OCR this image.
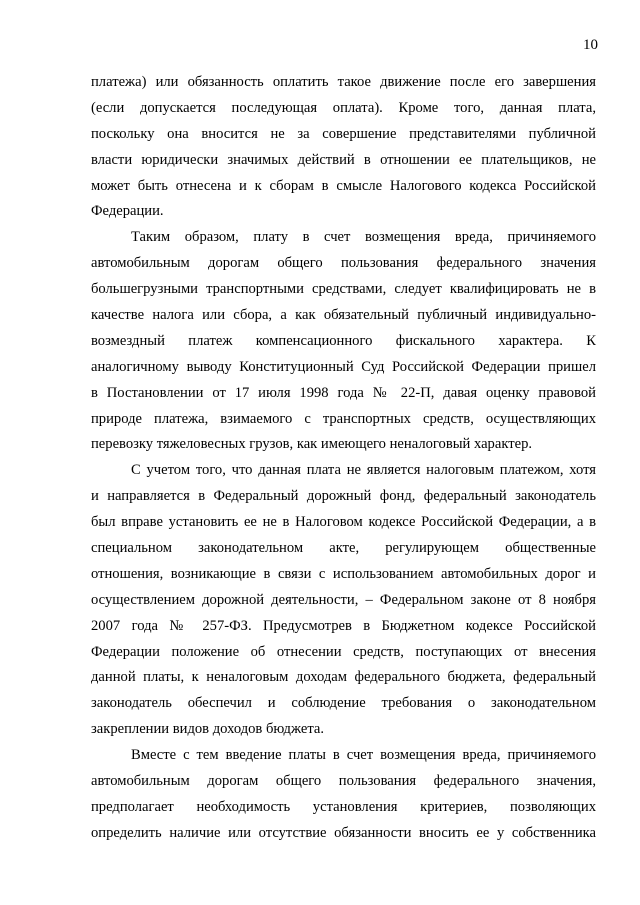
10
платежа) или обязанность оплатить такое движение после его завершения
(если допускается последующая оплата). Кроме того, данная плата,
поскольку она вносится не за совершение представителями публичной
власти юридически значимых действий в отношении ее плательщиков, не
может быть отнесена и к сборам в смысле Налогового кодекса Российской
Федерации.
Таким образом, плату в счет возмещения вреда, причиняемого
автомобильным дорогам общего пользования федерального значения
большегрузными транспортными средствами, следует квалифицировать не в
качестве налога или сбора, а как обязательный публичный индивидуально-
возмездный платеж компенсационного фискального характера. К
аналогичному выводу Конституционный Суд Российской Федерации пришел
в Постановлении от 17 июля 1998 года № 22-П, давая оценку правовой
природе платежа, взимаемого с транспортных средств, осуществляющих
перевозку тяжеловесных грузов, как имеющего неналоговый характер.
С учетом того, что данная плата не является налоговым платежом, хотя
и направляется в Федеральный дорожный фонд, федеральный законодатель
был вправе установить ее не в Налоговом кодексе Российской Федерации, а в
специальном законодательном акте, регулирующем общественные
отношения, возникающие в связи с использованием автомобильных дорог и
осуществлением дорожной деятельности, – Федеральном законе от 8 ноября
2007 года № 257-ФЗ. Предусмотрев в Бюджетном кодексе Российской
Федерации положение об отнесении средств, поступающих от внесения
данной платы, к неналоговым доходам федерального бюджета, федеральный
законодатель обеспечил и соблюдение требования о законодательном
закреплении видов доходов бюджета.
Вместе с тем введение платы в счет возмещения вреда, причиняемого
автомобильным дорогам общего пользования федерального значения,
предполагает необходимость установления критериев, позволяющих
определить наличие или отсутствие обязанности вносить ее у собственника
